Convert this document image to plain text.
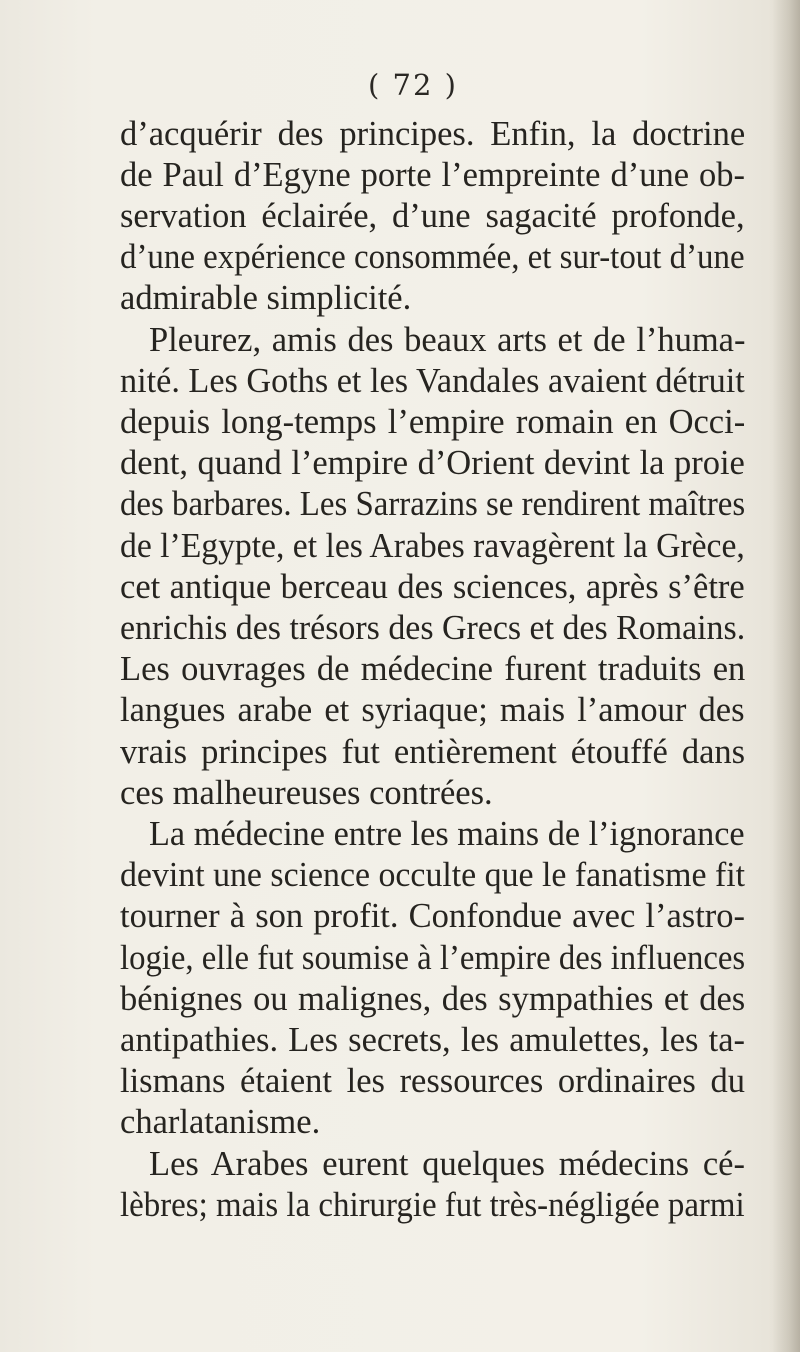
( 72 )
d’acquérir des principes. Enfin, la doctrine
de Paul d’Egyne porte l’empreinte d’une ob-
servation éclairée, d’une sagacité profonde,
d’une expérience consommée, et sur-tout d’une
admirable simplicité.
Pleurez, amis des beaux arts et de l’huma-
nité. Les Goths et les Vandales avaient détruit
depuis long-temps l’empire romain en Occi-
dent, quand l’empire d’Orient devint la proie
des barbares. Les Sarrazins se rendirent maîtres
de l’Egypte, et les Arabes ravagèrent la Grèce,
cet antique berceau des sciences, après s’être
enrichis des trésors des Grecs et des Romains.
Les ouvrages de médecine furent traduits en
langues arabe et syriaque; mais l’amour des
vrais principes fut entièrement étouffé dans
ces malheureuses contrées.
La médecine entre les mains de l’ignorance
devint une science occulte que le fanatisme fit
tourner à son profit. Confondue avec l’astro-
logie, elle fut soumise à l’empire des influences
bénignes ou malignes, des sympathies et des
antipathies. Les secrets, les amulettes, les ta-
lismans étaient les ressources ordinaires du
charlatanisme.
Les Arabes eurent quelques médecins cé-
lèbres; mais la chirurgie fut très-négligée parmi
